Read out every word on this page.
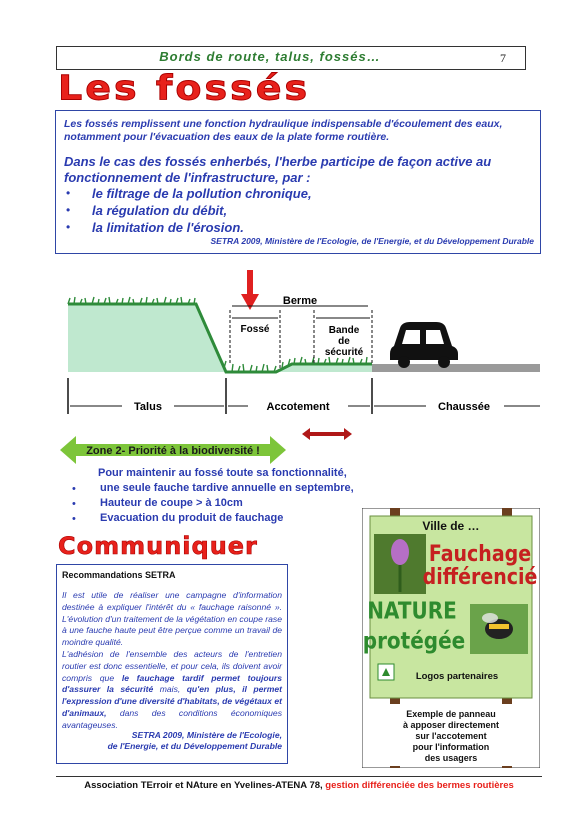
Bords de route, talus, fossés…	7
Les fossés
Les fossés remplissent une fonction hydraulique indispensable d'écoulement des eaux, notamment pour l'évacuation des eaux de la plate forme routière.
Dans le cas des fossés enherbés, l'herbe participe de façon active au fonctionnement de l'infrastructure, par :
• le filtrage de la pollution chronique,
• la régulation du débit,
• la limitation de l'érosion.
SETRA 2009, Ministère de l'Ecologie, de l'Energie, et du Développement Durable
Berme
Fossé	Bande
de
sécurité
Talus	Accotement	Chaussée
Zone 2- Priorité à la biodiversité !
Pour maintenir au fossé toute sa fonctionnalité,
• une seule fauche tardive annuelle en septembre,
• Hauteur de coupe > à 10cm
• Evacuation du produit de fauchage
Communiquer
Recommandations SETRA
Il est utile de réaliser une campagne d'information destinée à expliquer l'intérêt du « fauchage raisonné ». L'évolution d'un traitement de la végétation en coupe rase à une fauche haute peut être perçue comme un travail de moindre qualité.
L'adhésion de l'ensemble des acteurs de l'entretien routier est donc essentielle, et pour cela, ils doivent avoir compris que le fauchage tardif permet toujours d'assurer la sécurité mais, qu'en plus, il permet l'expression d'une diversité d'habitats, de végétaux et d'animaux, dans des conditions économiques avantageuses.
SETRA 2009, Ministère de l'Ecologie,
de l'Energie, et du Développement Durable
Ville de …
Fauchage
différencié
NATURE
protégée
Logos partenaires
Exemple de panneau
à apposer directement
sur l'accotement
pour l'information
des usagers
Association TErroir et NAture en Yvelines-ATENA 78, gestion différenciée des bermes routières
